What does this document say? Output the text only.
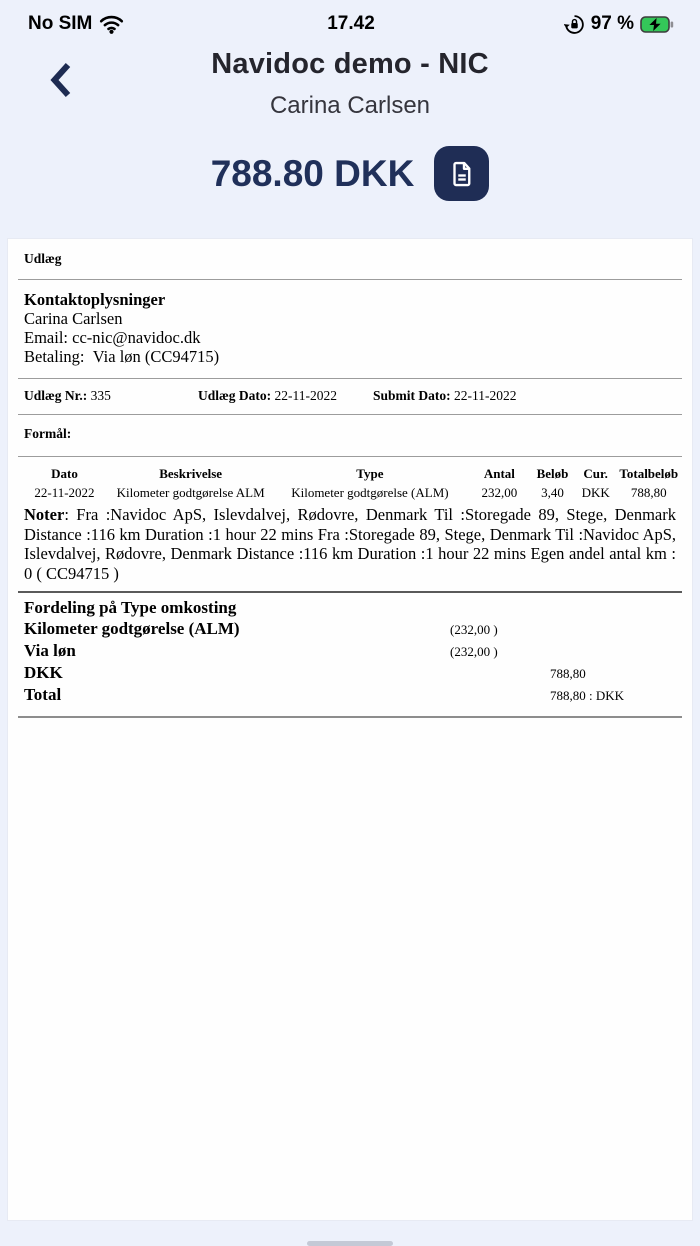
No SIM	17.42	97 %
Navidoc demo - NIC
Carina Carlsen
788.80 DKK
Udlæg
Kontaktoplysninger
Carina Carlsen
Email: cc-nic@navidoc.dk
Betaling: Via løn (CC94715)
Udlæg Nr.: 335	Udlæg Dato: 22-11-2022	Submit Dato: 22-11-2022
Formål:
Dato	Beskrivelse	Type	Antal	Beløb	Cur.	Totalbeløb
22-11-2022	Kilometer godtgørelse ALM	Kilometer godtgørelse (ALM)	232,00	3,40	DKK	788,80

Noter: Fra :Navidoc ApS, Islevdalvej, Rødovre, Denmark Til :Storegade 89, Stege, Denmark Distance :116 km Duration :1 hour 22 mins Fra :Storegade 89, Stege, Denmark Til :Navidoc ApS, Islevdalvej, Rødovre, Denmark Distance :116 km Duration :1 hour 22 mins Egen andel antal km : 0 ( CC94715 )

Fordeling på Type omkosting
Kilometer godtgørelse (ALM)	(232,00 )
Via løn	(232,00 )
DKK	788,80
Total	788,80 : DKK
